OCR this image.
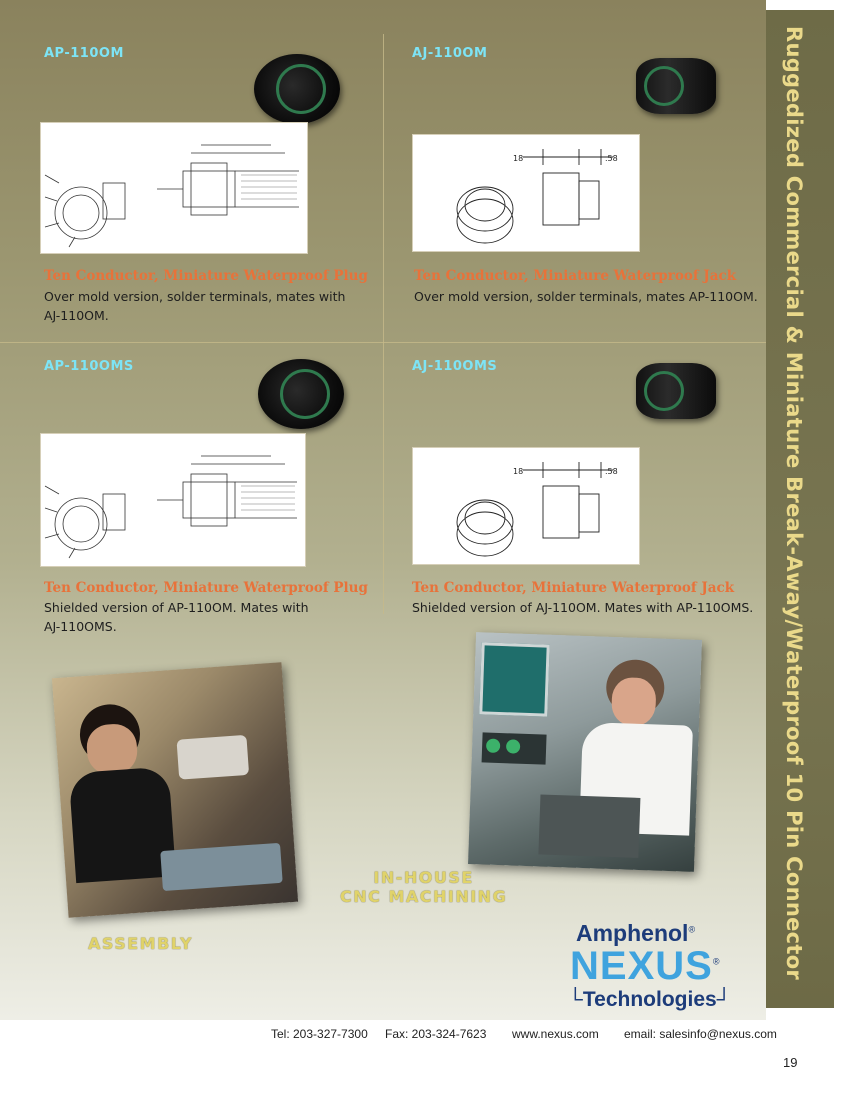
Ruggedized Commercial & Miniature Break-Away/Waterproof 10 Pin Connector
AP-110OM
Ten Conductor, Miniature Waterproof Plug
Over mold version, solder terminals, mates with
AJ-110OM.
AJ-110OM
18	.58
Ten Conductor, Miniature Waterproof Jack
Over mold version, solder terminals, mates AP-110OM.
AP-110OMS
Ten Conductor, Miniature Waterproof Plug
Shielded version of AP-110OM. Mates with
AJ-110OMS.
AJ-110OMS
18	.58
Ten Conductor, Miniature Waterproof Jack
Shielded version of AJ-110OM. Mates with AP-110OMS.
IN-HOUSE
CNC MACHINING
ASSEMBLY	Amphenol®
NEXUS®
└Technologies┘
Tel: 203-327-7300 Fax: 203-324-7623 www.nexus.com email: salesinfo@nexus.com
19
